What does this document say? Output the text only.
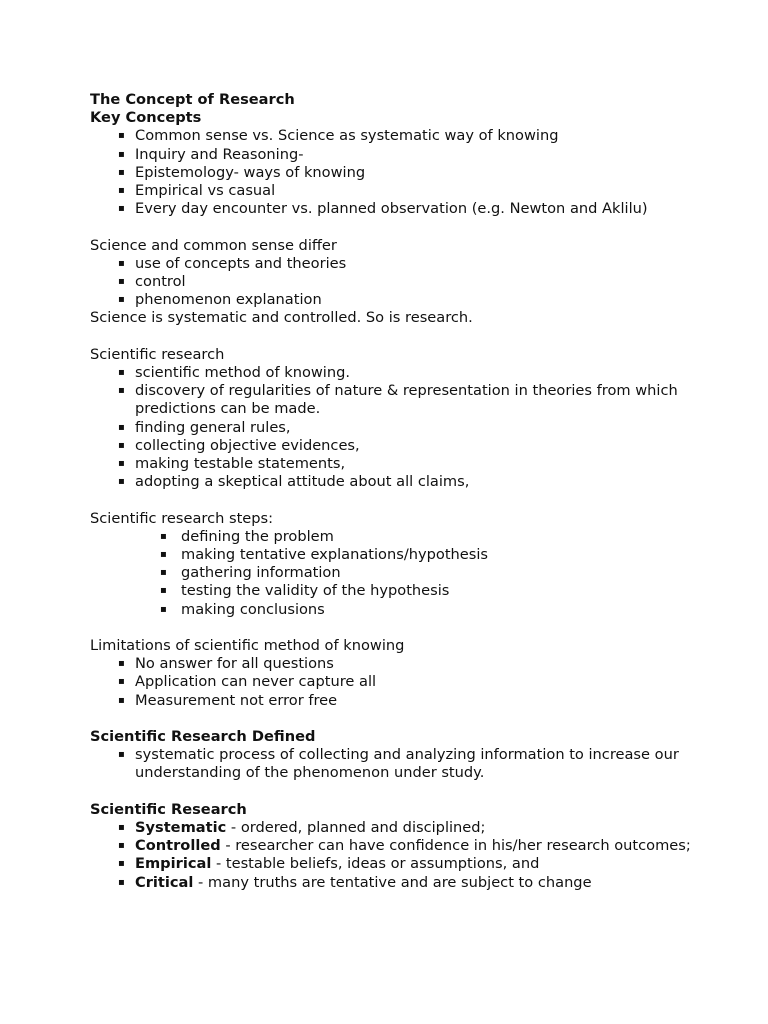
The Concept of Research
Key Concepts
▪ Common sense vs. Science as systematic way of knowing
▪ Inquiry and Reasoning-
▪ Epistemology- ways of knowing
▪ Empirical vs casual
▪ Every day encounter vs. planned observation (e.g. Newton and Aklilu)
Science and common sense differ
▪ use of concepts and theories
▪ control
▪ phenomenon explanation
Science is systematic and controlled. So is research.
Scientific research
▪ scientific method of knowing.
▪ discovery of regularities of nature & representation in theories from which predictions can be made.
▪ finding general rules,
▪ collecting objective evidences,
▪ making testable statements,
▪ adopting a skeptical attitude about all claims,
Scientific research steps:
▪ defining the problem
▪ making tentative explanations/hypothesis
▪ gathering information
▪ testing the validity of the hypothesis
▪ making conclusions
Limitations of scientific method of knowing
▪ No answer for all questions
▪ Application can never capture all
▪ Measurement not error free
Scientific Research Defined
▪ systematic process of collecting and analyzing information to increase our understanding of the phenomenon under study.
Scientific Research
▪ Systematic - ordered, planned and disciplined;
▪ Controlled - researcher can have confidence in his/her research outcomes;
▪ Empirical - testable beliefs, ideas or assumptions, and
▪ Critical - many truths are tentative and are subject to change
